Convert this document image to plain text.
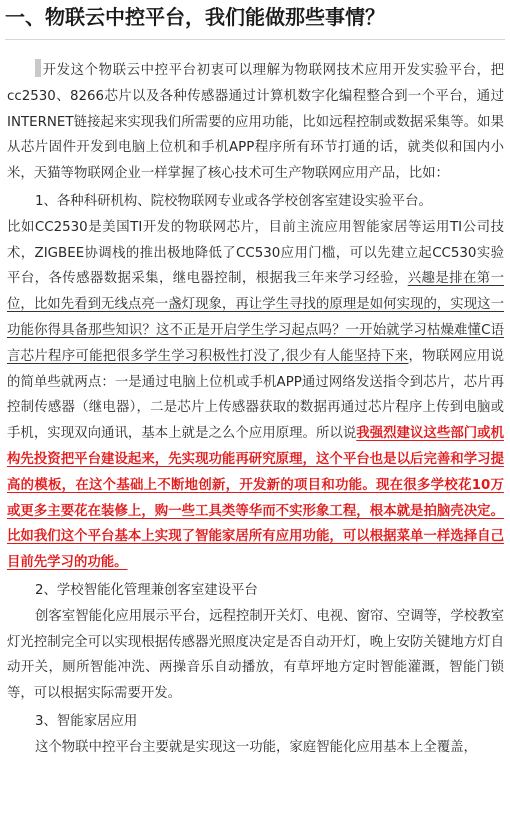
一、物联云中控平台，我们能做那些事情？

开发这个物联云中控平台初衷可以理解为物联网技术应用开发实验平台，把cc2530、8266芯片以及各种传感器通过计算机数字化编程整合到一个平台，通过INTERNET链接起来实现我们所需要的应用功能，比如远程控制或数据采集等。如果从芯片固件开发到电脑上位机和手机APP程序所有环节打通的话，就类似和国内小米，天猫等物联网企业一样掌握了核心技术可生产物联网应用产品，比如：

1、各种科研机构、院校物联网专业或各学校创客室建设实验平台。

比如CC2530是美国TI开发的物联网芯片，目前主流应用智能家居等运用TI公司技术，ZIGBEE协调栈的推出极地降低了CC530应用门槛，可以先建立起CC530实验平台，各传感器数据采集，继电器控制，根据我三年来学习经验，兴趣是排在第一位，比如先看到无线点亮一盏灯现象，再让学生寻找的原理是如何实现的，实现这一功能你得具备那些知识？这不正是开启学生学习起点吗？一开始就学习枯燥难懂C语言芯片程序可能把很多学生学习积极性打没了,很少有人能坚持下来，物联网应用说的简单些就两点：一是通过电脑上位机或手机APP通过网络发送指令到芯片，芯片再控制传感器（继电器），二是芯片上传感器获取的数据再通过芯片程序上传到电脑或手机，实现双向通讯，基本上就是之么个应用原理。所以说我强烈建议这些部门或机构先投资把平台建设起来，先实现功能再研究原理，这个平台也是以后完善和学习提高的模板，在这个基础上不断地创新，开发新的项目和功能。现在很多学校花10万或更多主要花在装修上，购一些工具类等华而不实形象工程，根本就是拍脑壳决定。比如我们这个平台基本上实现了智能家居所有应用功能，可以根据菜单一样选择自己目前先学习的功能。

2、学校智能化管理兼创客室建设平台

创客室智能化应用展示平台，远程控制开关灯、电视、窗帘、空调等，学校教室灯光控制完全可以实现根据传感器光照度决定是否自动开灯，晚上安防关键地方灯自动开关，厕所智能冲洗、两操音乐自动播放，有草坪地方定时智能灌溉，智能门锁等，可以根据实际需要开发。

3、智能家居应用

这个物联中控平台主要就是实现这一功能，家庭智能化应用基本上全覆盖，
